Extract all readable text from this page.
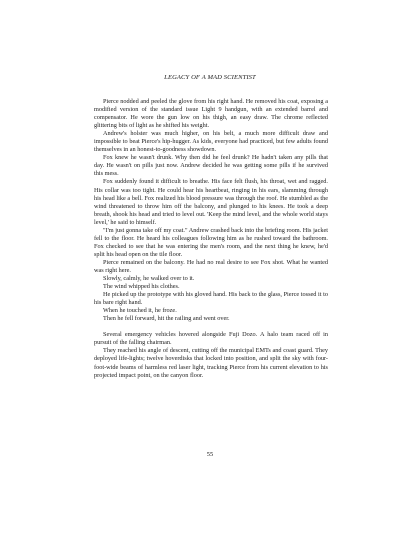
LEGACY OF A MAD SCIENTIST

Pierce nodded and peeled the glove from his right hand. He removed his coat, exposing a modified version of the standard issue Light 9 handgun, with an extended barrel and compensator. He wore the gun low on his thigh, an easy draw. The chrome reflected glittering bits of light as he shifted his weight.

Andrew's holster was much higher, on his belt, a much more difficult draw and impossible to beat Pierce's hip-hugger. As kids, everyone had practiced, but few adults found themselves in an honest-to-goodness showdown.

Fox knew he wasn't drunk. Why then did he feel drunk? He hadn't taken any pills that day. He wasn't on pills just now. Andrew decided he was getting some pills if he survived this mess.

Fox suddenly found it difficult to breathe. His face felt flush, his throat, wet and ragged. His collar was too tight. He could hear his heartbeat, ringing in his ears, slamming through his head like a bell. Fox realized his blood pressure was through the roof. He stumbled as the wind threatened to throw him off the balcony, and plunged to his knees. He took a deep breath, shook his head and tried to level out. 'Keep the mind level, and the whole world stays level,' he said to himself.

"I'm just gonna take off my coat." Andrew crashed back into the briefing room. His jacket fell to the floor. He heard his colleagues following him as he rushed toward the bathroom. Fox checked to see that he was entering the men's room, and the next thing he knew, he'd split his head open on the tile floor.

Pierce remained on the balcony. He had no real desire to see Fox shot. What he wanted was right here.

Slowly, calmly, he walked over to it.

The wind whipped his clothes.

He picked up the prototype with his gloved hand. His back to the glass, Pierce tossed it to his bare right hand.

When he touched it, he froze.

Then he fell forward, hit the railing and went over.

Several emergency vehicles hovered alongside Fuji Dozo. A halo team raced off in pursuit of the falling chairman.

They reached his angle of descent, cutting off the municipal EMTs and coast guard. They deployed life-lights; twelve hoverdisks that locked into position, and split the sky with four-foot-wide beams of harmless red laser light, tracking Pierce from his current elevation to his projected impact point, on the canyon floor.

55
